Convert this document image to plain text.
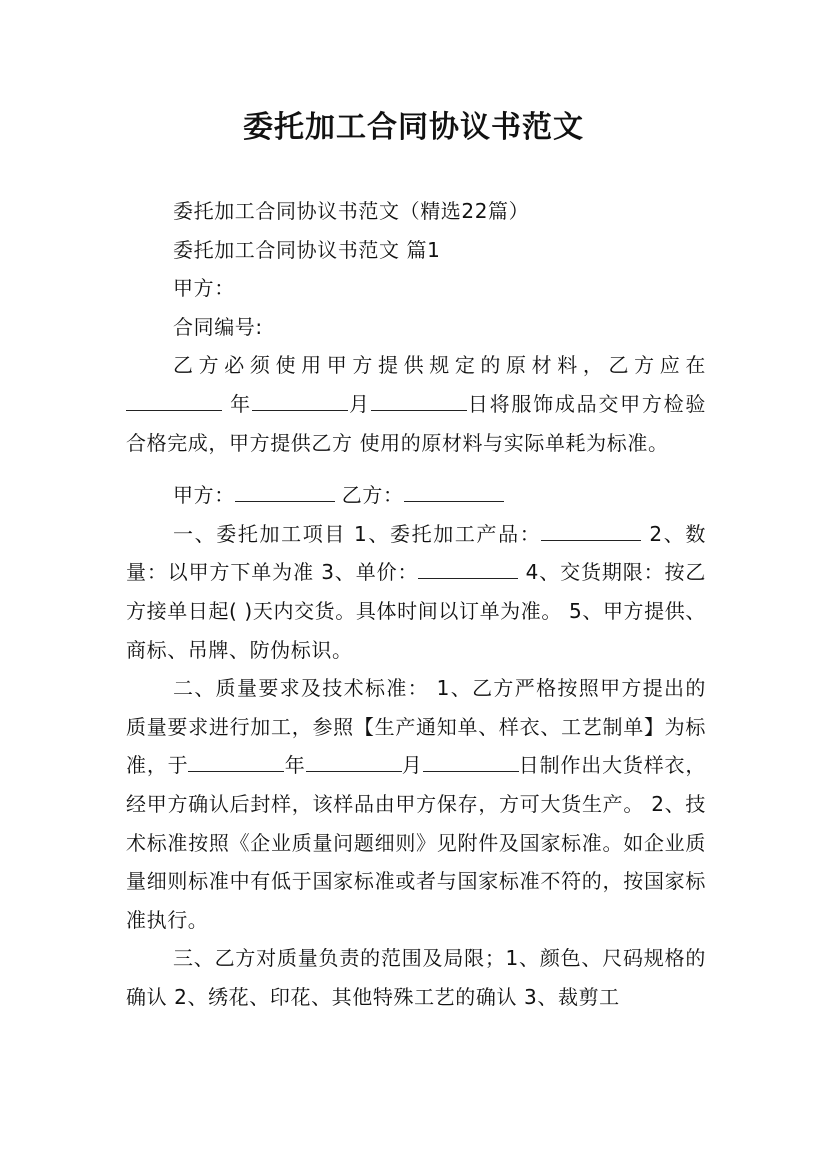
委托加工合同协议书范文
委托加工合同协议书范文（精选22篇）
委托加工合同协议书范文 篇1
甲方：
合同编号:
乙方必须使用甲方提供规定的原材料，乙方应在  年	月	日将服饰成品交甲方检验合格完成，甲方提供乙方 使用的原材料与实际单耗为标准。
甲方：	乙方：
一、委托加工项目 1、委托加工产品：	2、数量：以甲方下单为准 3、单价：	4、交货期限：按乙方接单日起( )天内交货。具体时间以订单为准。 5、甲方提供、商标、吊牌、防伪标识。
二、质量要求及技术标准： 1、乙方严格按照甲方提出的质量要求进行加工，参照【生产通知单、样衣、工艺制单】为标准，于	年	月	日制作出大货样衣，经甲方确认后封样，该样品由甲方保存，方可大货生产。 2、技术标准按照《企业质量问题细则》见附件及国家标准。如企业质量细则标准中有低于国家标准或者与国家标准不符的，按国家标准执行。
三、乙方对质量负责的范围及局限；1、颜色、尺码规格的确认 2、绣花、印花、其他特殊工艺的确认 3、裁剪工
